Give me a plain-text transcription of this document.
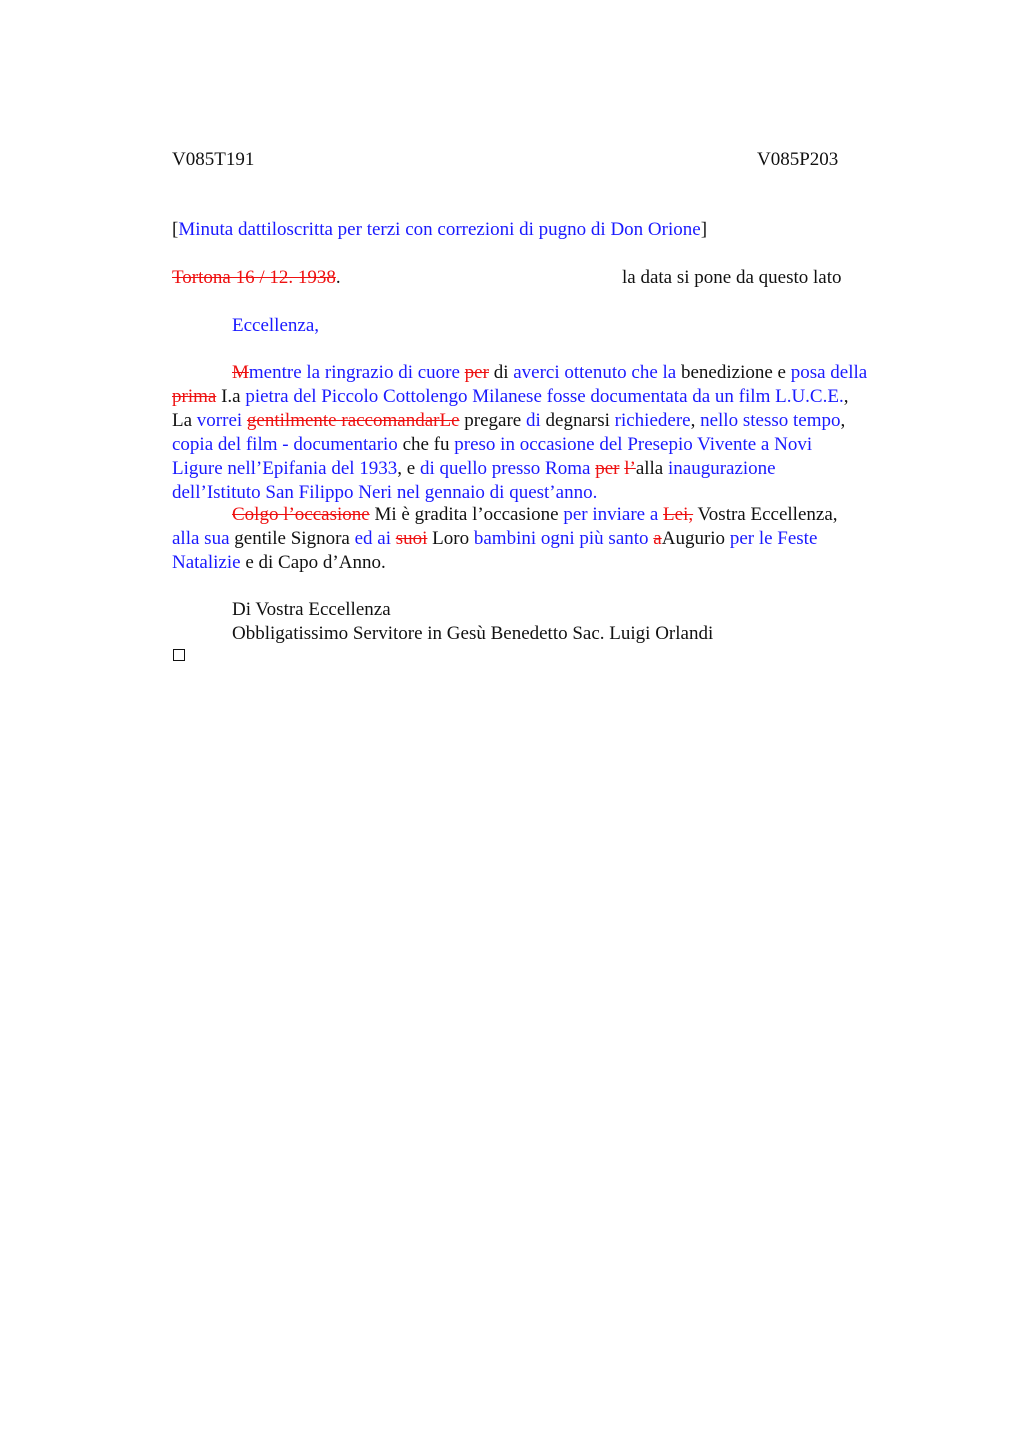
V085T191	V085P203
[Minuta dattiloscritta per terzi con correzioni di pugno di Don Orione]
Tortona 16 / 12. 1938.	la data si pone da questo lato
Eccellenza,
Mmentre la ringrazio di cuore per di averci ottenuto che la benedizione e posa della
prima I.a pietra del Piccolo Cottolengo Milanese fosse documentata da un film L.U.C.E.,
La vorrei gentilmente raccomandarLe pregare di degnarsi richiedere, nello stesso tempo,
copia del film - documentario che fu preso in occasione del Presepio Vivente a Novi
Ligure nell’Epifania del 1933, e di quello presso Roma per l’alla inaugurazione
dell’Istituto San Filippo Neri nel gennaio di quest’anno.
Colgo l’occasione Mi è gradita l’occasione per inviare a Lei, Vostra Eccellenza,
alla sua gentile Signora ed ai suoi Loro bambini ogni più santo aAugurio per le Feste
Natalizie e di Capo d’Anno.
Di Vostra Eccellenza
Obbligatissimo Servitore in Gesù Benedetto Sac. Luigi Orlandi
